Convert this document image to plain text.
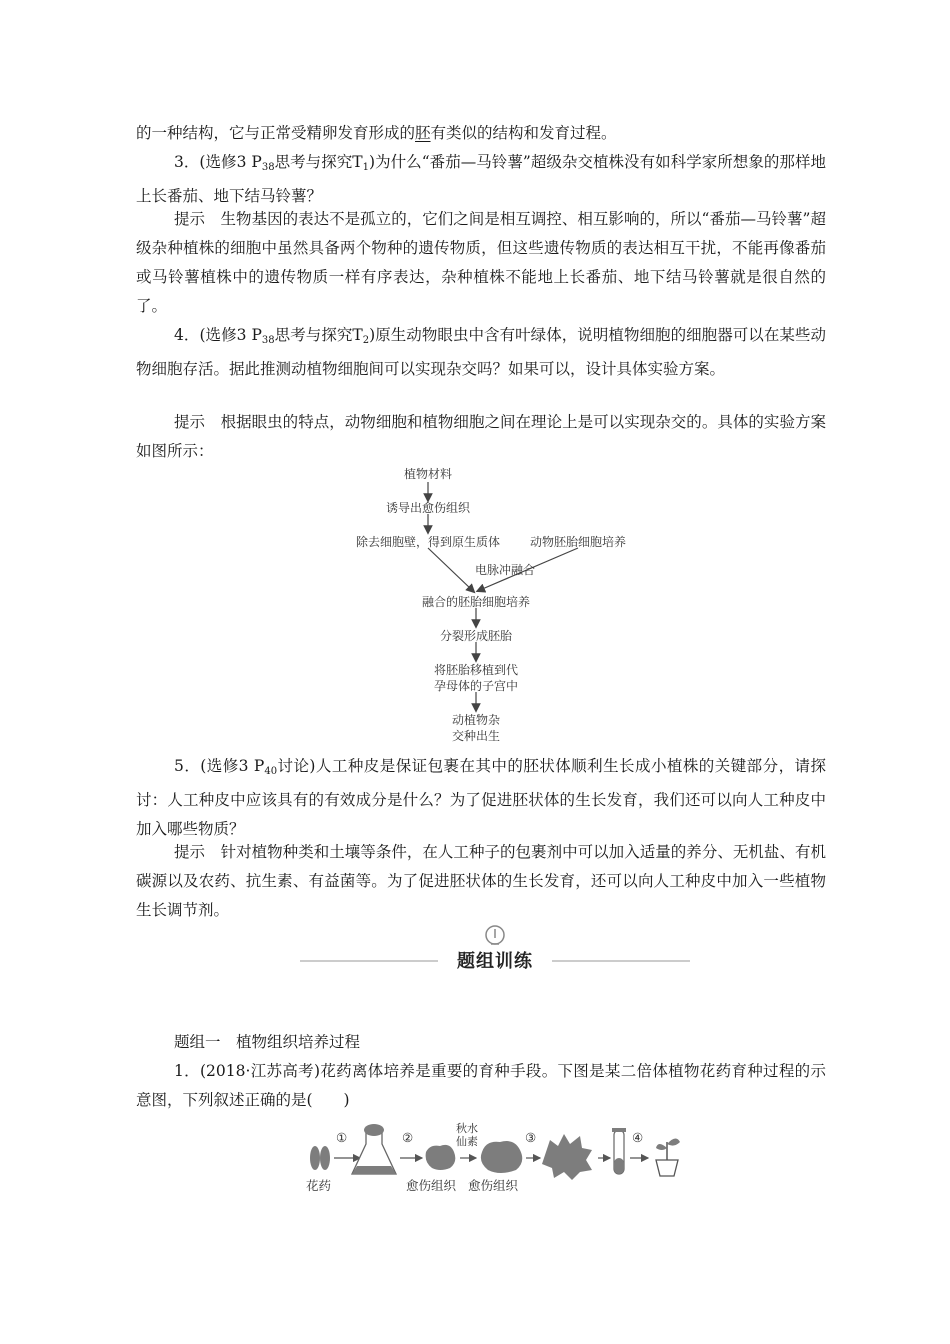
的一种结构，它与正常受精卵发育形成的胚有类似的结构和发育过程。

3．(选修3 $P_{38}$思考与探究$T_1$)为什么“番茄—马铃薯”超级杂交植株没有如科学家所想象的那样地上长番茄、地下结马铃薯？

提示　生物基因的表达不是孤立的，它们之间是相互调控、相互影响的，所以“番茄—马铃薯”超级杂种植株的细胞中虽然具备两个物种的遗传物质，但这些遗传物质的表达相互干扰，不能再像番茄或马铃薯植株中的遗传物质一样有序表达，杂种植株不能地上长番茄、地下结马铃薯就是很自然的了。

4．(选修3 $P_{38}$思考与探究$T_2$)原生动物眼虫中含有叶绿体，说明植物细胞的细胞器可以在某些动物细胞存活。据此推测动植物细胞间可以实现杂交吗？如果可以，设计具体实验方案。

提示　根据眼虫的特点，动物细胞和植物细胞之间在理论上是可以实现杂交的。具体的实验方案如图所示：

植物材料
诱导出愈伤组织
除去细胞壁，得到原生质体	动物胚胎细胞培养
电脉冲融合
融合的胚胎细胞培养
分裂形成胚胎
将胚胎移植到代
孕母体的子宫中
动植物杂
交种出生

5．(选修3 $P_{40}$讨论)人工种皮是保证包裹在其中的胚状体顺利生长成小植株的关键部分，请探讨：人工种皮中应该具有的有效成分是什么？为了促进胚状体的生长发育，我们还可以向人工种皮中加入哪些物质？

提示　针对植物种类和土壤等条件，在人工种子的包裹剂中可以加入适量的养分、无机盐、有机碳源以及农药、抗生素、有益菌等。为了促进胚状体的生长发育，还可以向人工种皮中加入一些植物生长调节剂。

题组训练

题组一　植物组织培养过程

1．(2018·江苏高考)花药离体培养是重要的育种手段。下图是某二倍体植物花药育种过程的示意图，下列叙述正确的是(　　)

①	②
秋水
仙素	③	④
花药	愈伤组织 愈伤组织
